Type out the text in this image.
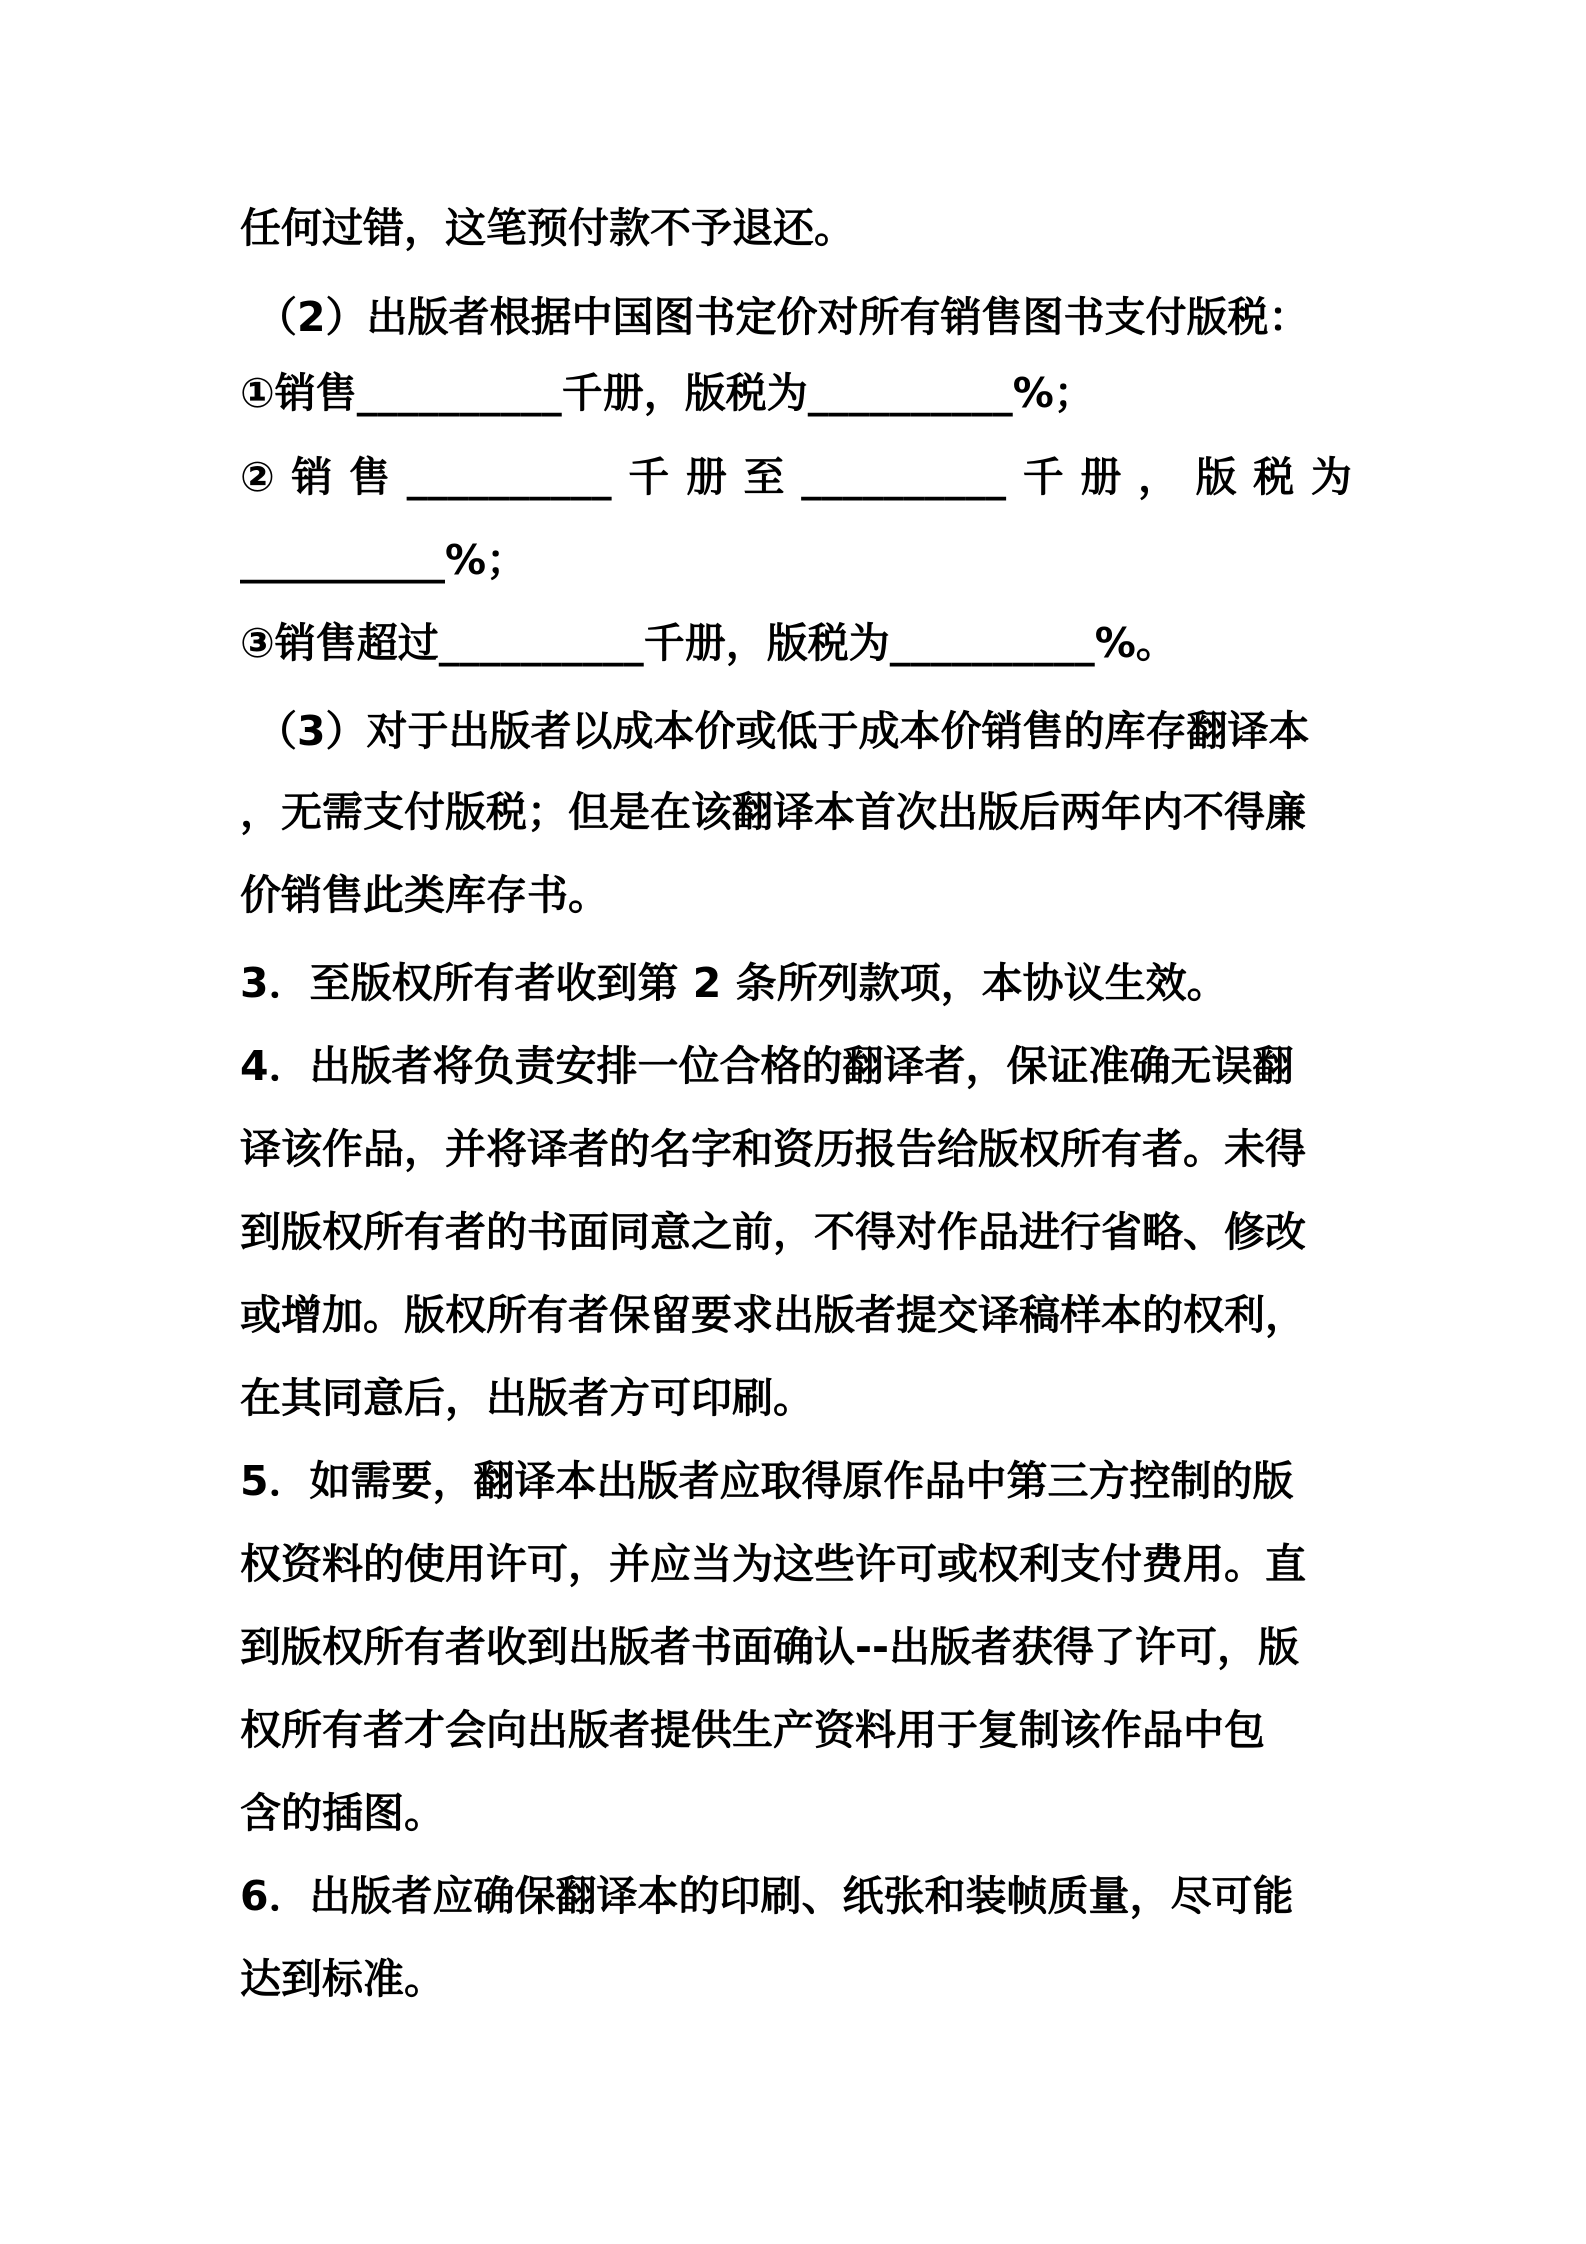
任何过错，这笔预付款不予退还。
（2）出版者根据中国图书定价对所有销售图书支付版税：
①销售__________千册，版税为__________%；
② 销 售 __________ 千 册 至 __________ 千 册 ， 版 税 为
__________%；
③销售超过__________千册，版税为__________%。
（3）对于出版者以成本价或低于成本价销售的库存翻译本
，无需支付版税；但是在该翻译本首次出版后两年内不得廉
价销售此类库存书。
3．至版权所有者收到第 2 条所列款项，本协议生效。
4．出版者将负责安排一位合格的翻译者，保证准确无误翻
译该作品，并将译者的名字和资历报告给版权所有者。未得
到版权所有者的书面同意之前，不得对作品进行省略、修改
或增加。版权所有者保留要求出版者提交译稿样本的权利，
在其同意后，出版者方可印刷。
5．如需要，翻译本出版者应取得原作品中第三方控制的版
权资料的使用许可，并应当为这些许可或权利支付费用。直
到版权所有者收到出版者书面确认--出版者获得了许可，版
权所有者才会向出版者提供生产资料用于复制该作品中包
含的插图。
6．出版者应确保翻译本的印刷、纸张和装帧质量，尽可能
达到标准。
